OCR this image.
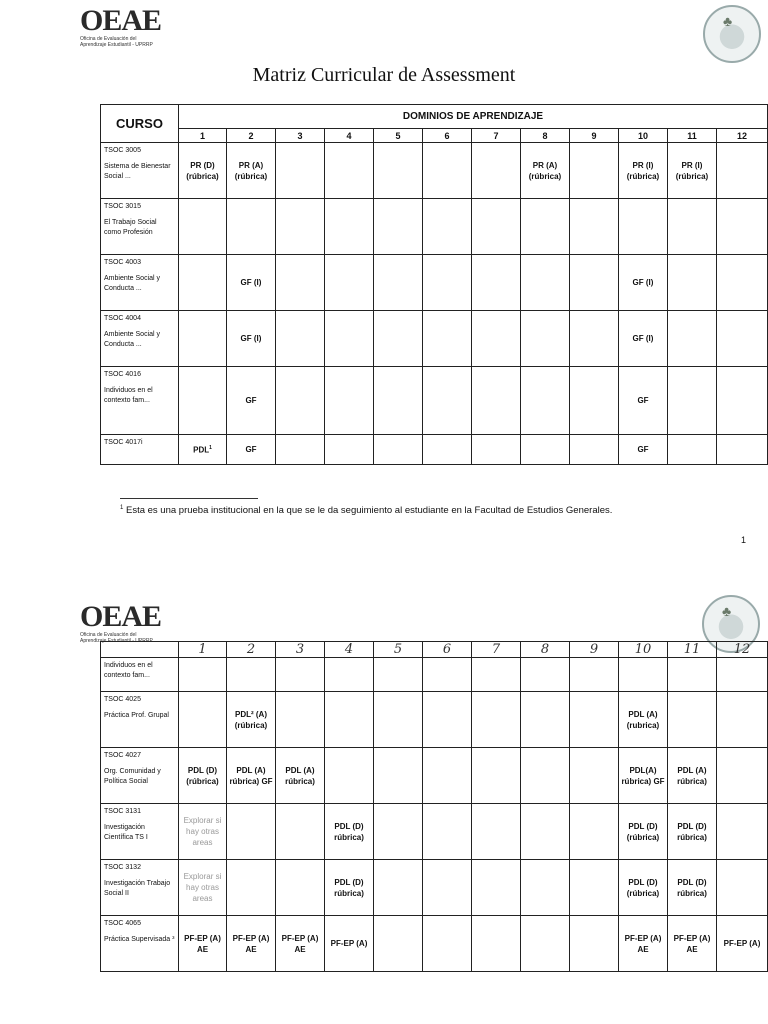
OEAE
Oficina de Evaluación del
Aprendizaje Estudiantil - UPRRP
♣
Matriz Curricular de Assessment
CURSO	DOMINIOS DE APRENDIZAJE											
	1	2	3	4	5	6	7	8	9	10	11	12

TSOC 3005
Sistema de Bienestar Social ...	PR (D) (rúbrica)	PR (A) (rúbrica)						PR (A) (rúbrica)		PR (I) (rúbrica)	PR (I) (rúbrica)	

TSOC 3015
El Trabajo Social como Profesión												

TSOC 4003
Ambiente Social y Conducta ...		GF (I)								GF (I)		

TSOC 4004
Ambiente Social y Conducta ...		GF (I)								GF (I)		

TSOC 4016
Individuos en el contexto fam...		GF								GF		

TSOC 4017i	PDL$^1$	GF								GF		
$^1$ Esta es una prueba institucional en la que se le da seguimiento al estudiante en la Facultad de Estudios Generales.
1
OEAE
Oficina de Evaluación del
Aprendizaje Estudiantil - UPRRP
♣
	1	2	3	4	5	6	7	8	9	10	11	12
Individuos en el contexto fam...												

TSOC 4025
Práctica Prof. Grupal		PDL² (A) (rúbrica)								PDL (A) (rubrica)		

TSOC 4027
Org. Comunidad y Política Social	PDL (D) (rúbrica)	PDL (A) rúbrica) GF	PDL (A) rúbrica)							PDL(A) rúbrica) GF	PDL (A) rúbrica)	

TSOC 3131
Investigación Científica TS I	Explorar si hay otras areas			PDL (D) rúbrica)						PDL (D) (rúbrica)	PDL (D) rúbrica)	

TSOC 3132
Investigación Trabajo Social II	Explorar si hay otras areas			PDL (D) rúbrica)						PDL (D) (rúbrica)	PDL (D) rúbrica)	

TSOC 4065
Práctica Supervisada ³	PF-EP (A) AE	PF-EP (A) AE	PF-EP (A) AE	PF-EP (A)						PF-EP (A) AE	PF-EP (A) AE	PF-EP (A)
